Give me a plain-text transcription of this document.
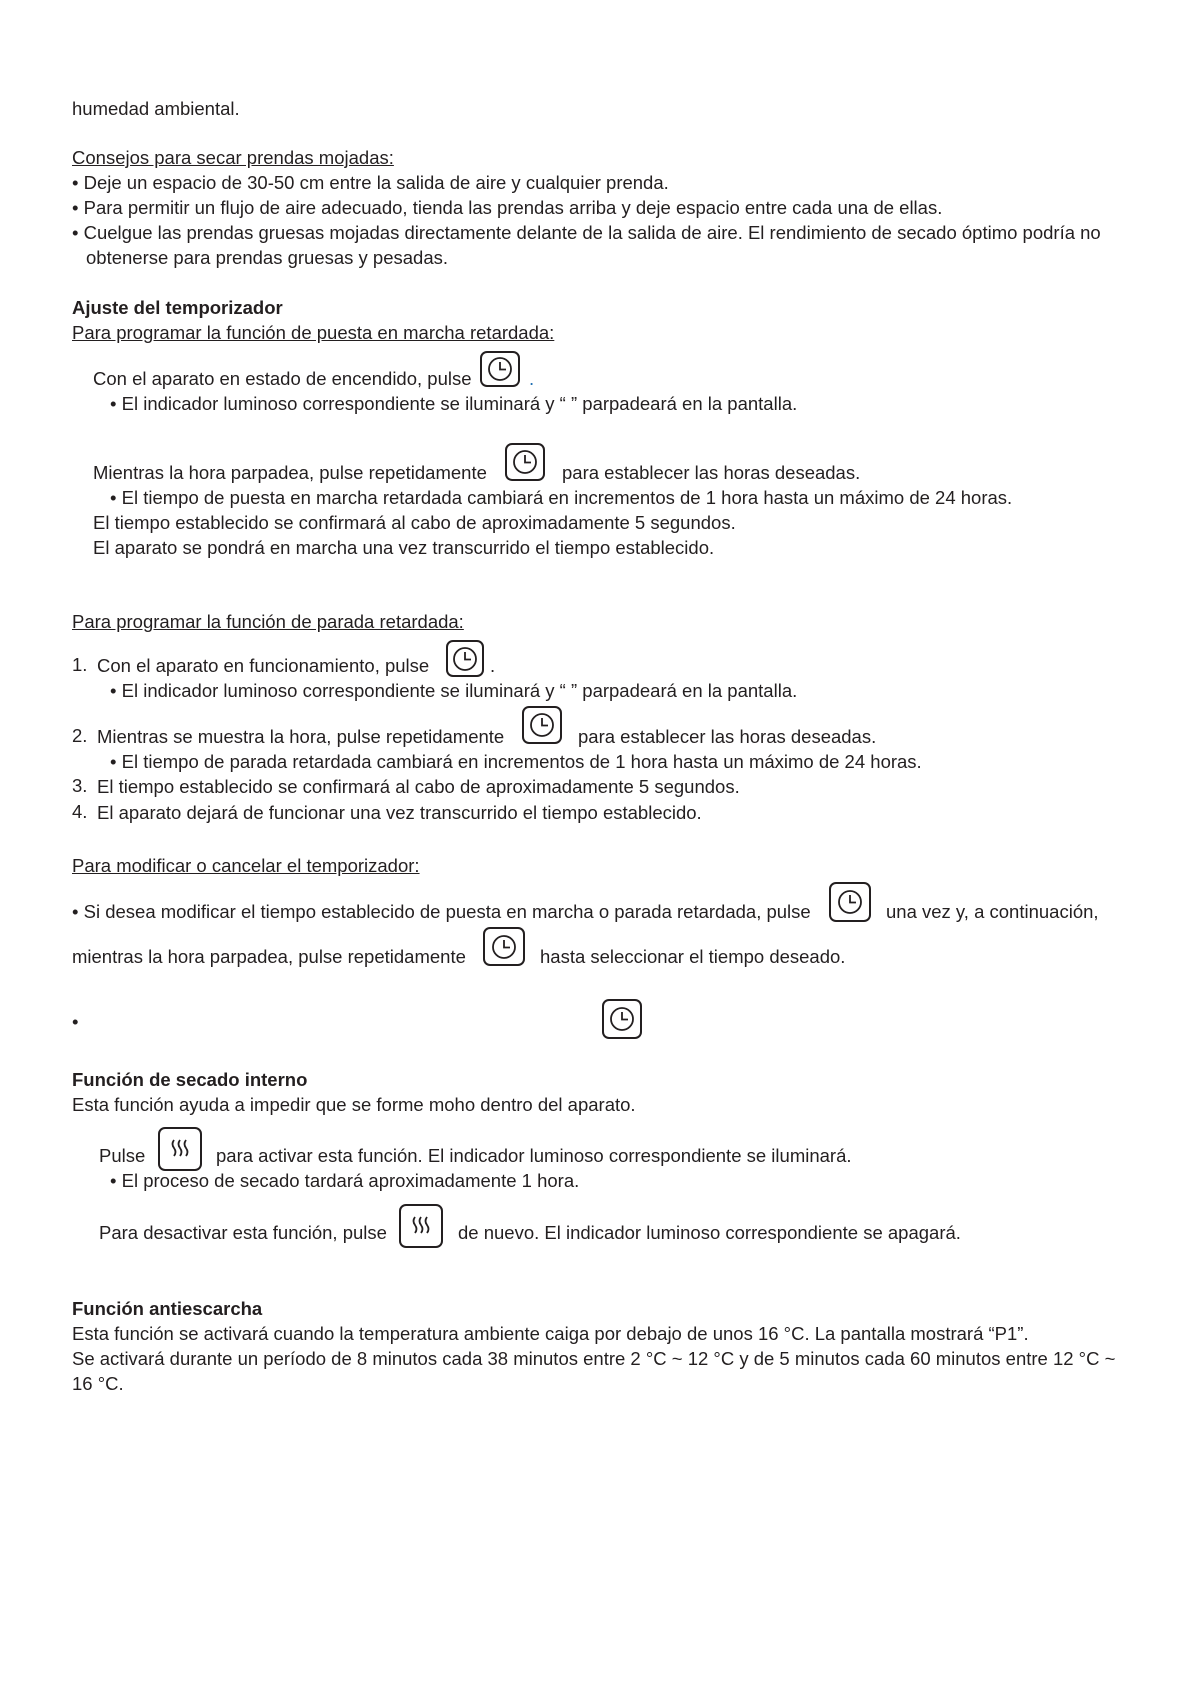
humedad ambiental.
Consejos para secar prendas mojadas:
• Deje un espacio de 30-50 cm entre la salida de aire y cualquier prenda.
• Para permitir un flujo de aire adecuado, tienda las prendas arriba y deje espacio entre cada una de ellas.
• Cuelgue las prendas gruesas mojadas directamente delante de la salida de aire. El rendimiento de secado óptimo podría no
obtenerse para prendas gruesas y pesadas.
Ajuste del temporizador
Para programar la función de puesta en marcha retardada:
Con el aparato en estado de encendido, pulse	.
• El indicador luminoso correspondiente se iluminará y “ ” parpadeará en la pantalla.
Mientras la hora parpadea, pulse repetidamente	para establecer las horas deseadas.
• El tiempo de puesta en marcha retardada cambiará en incrementos de 1 hora hasta un máximo de 24 horas.
El tiempo establecido se confirmará al cabo de aproximadamente 5 segundos.
El aparato se pondrá en marcha una vez transcurrido el tiempo establecido.
Para programar la función de parada retardada:
1. Con el aparato en funcionamiento, pulse	.
• El indicador luminoso correspondiente se iluminará y “ ” parpadeará en la pantalla.
2. Mientras se muestra la hora, pulse repetidamente	para establecer las horas deseadas.
• El tiempo de parada retardada cambiará en incrementos de 1 hora hasta un máximo de 24 horas.
3. El tiempo establecido se confirmará al cabo de aproximadamente 5 segundos.
4. El aparato dejará de funcionar una vez transcurrido el tiempo establecido.
Para modificar o cancelar el temporizador:
• Si desea modificar el tiempo establecido de puesta en marcha o parada retardada, pulse	una vez y, a continuación,
mientras la hora parpadea, pulse repetidamente	hasta seleccionar el tiempo deseado.
•
Función de secado interno
Esta función ayuda a impedir que se forme moho dentro del aparato.
Pulse	para activar esta función. El indicador luminoso correspondiente se iluminará.
• El proceso de secado tardará aproximadamente 1 hora.
Para desactivar esta función, pulse	de nuevo. El indicador luminoso correspondiente se apagará.
Función antiescarcha
Esta función se activará cuando la temperatura ambiente caiga por debajo de unos 16 °C. La pantalla mostrará “P1”.
Se activará durante un período de 8 minutos cada 38 minutos entre 2 °C ~ 12 °C y de 5 minutos cada 60 minutos entre 12 °C ~
16 °C.
